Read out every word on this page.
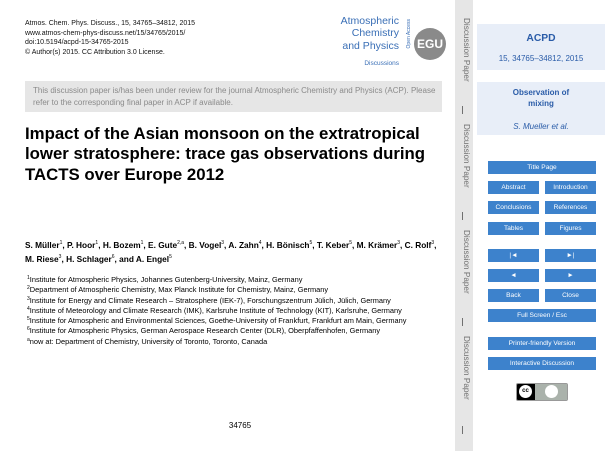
Atmos. Chem. Phys. Discuss., 15, 34765–34812, 2015
www.atmos-chem-phys-discuss.net/15/34765/2015/
doi:10.5194/acpd-15-34765-2015
© Author(s) 2015. CC Attribution 3.0 License.
Atmospheric
Chemistry
and Physics
Discussions
Open Access EGU
This discussion paper is/has been under review for the journal Atmospheric Chemistry and Physics (ACP). Please refer to the corresponding final paper in ACP if available.
Impact of the Asian monsoon on the extratropical lower stratosphere: trace gas observations during TACTS over Europe 2012
S. Müller$^1$, P. Hoor$^1$, H. Bozem$^1$, E. Gute$^{2,a}$, B. Vogel$^3$, A. Zahn$^4$, H. Bönisch$^5$, T. Keber$^5$, M. Krämer$^3$, C. Rolf$^3$, M. Riese$^3$, H. Schlager$^6$, and A. Engel$^5$
$^1$Institute for Atmospheric Physics, Johannes Gutenberg-University, Mainz, Germany
$^2$Department of Atmospheric Chemistry, Max Planck Institute for Chemistry, Mainz, Germany
$^3$Institute for Energy and Climate Research – Stratosphere (IEK-7), Forschungszentrum Jülich, Jülich, Germany
$^4$Institute of Meteorology and Climate Research (IMK), Karlsruhe Institute of Technology (KIT), Karlsruhe, Germany
$^5$Institute for Atmospheric and Environmental Sciences, Goethe-University of Frankfurt, Frankfurt am Main, Germany
$^6$Institute for Atmospheric Physics, German Aerospace Research Center (DLR), Oberpfaffenhofen, Germany
$^a$now at: Department of Chemistry, University of Toronto, Toronto, Canada
34765
Discussion Paper
Discussion Paper
Discussion Paper
Discussion Paper
ACPD
15, 34765–34812, 2015
Observation of
mixing
S. Mueller et al.
Title Page
Abstract	Introduction
Conclusions	References
Tables	Figures
|◄	►|
◄	►
Back	Close
Full Screen / Esc
Printer-friendly Version
Interactive Discussion
cc
